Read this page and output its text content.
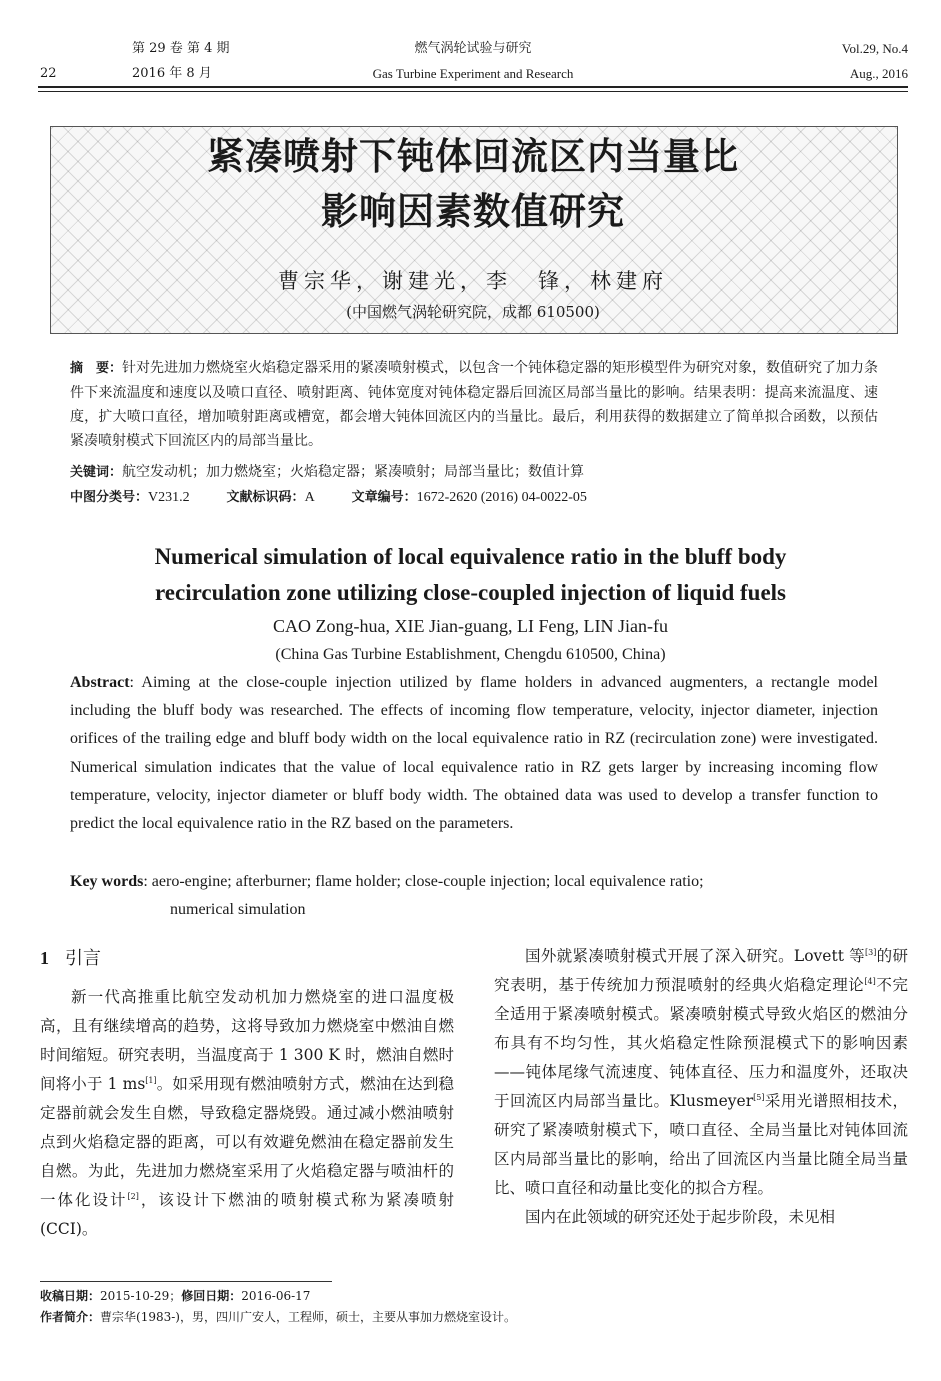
22
第 29 卷 第 4 期
2016 年 8 月
燃气涡轮试验与研究
Gas Turbine Experiment and Research
Vol.29, No.4
Aug., 2016
紧凑喷射下钝体回流区内当量比
影响因素数值研究
曹宗华，谢建光，李　锋，林建府
(中国燃气涡轮研究院，成都 610500)
摘　要：针对先进加力燃烧室火焰稳定器采用的紧凑喷射模式，以包含一个钝体稳定器的矩形模型件为研究对象，数值研究了加力条件下来流温度和速度以及喷口直径、喷射距离、钝体宽度对钝体稳定器后回流区局部当量比的影响。结果表明：提高来流温度、速度，扩大喷口直径，增加喷射距离或槽宽，都会增大钝体回流区内的当量比。最后，利用获得的数据建立了简单拟合函数，以预估紧凑喷射模式下回流区内的局部当量比。
关键词：航空发动机；加力燃烧室；火焰稳定器；紧凑喷射；局部当量比；数值计算
中图分类号：V231.2	文献标识码：A	文章编号：1672-2620 (2016) 04-0022-05
Numerical simulation of local equivalence ratio in the bluff body
recirculation zone utilizing close-coupled injection of liquid fuels
CAO Zong-hua, XIE Jian-guang, LI Feng, LIN Jian-fu
(China Gas Turbine Establishment, Chengdu 610500, China)
Abstract: Aiming at the close-couple injection utilized by flame holders in advanced augmenters, a rectangle model including the bluff body was researched. The effects of incoming flow temperature, velocity, injector diameter, injection orifices of the trailing edge and bluff body width on the local equivalence ratio in RZ (recirculation zone) were investigated. Numerical simulation indicates that the value of local equivalence ratio in RZ gets larger by increasing incoming flow temperature, velocity, injector diameter or bluff body width. The obtained data was used to develop a transfer function to predict the local equivalence ratio in the RZ based on the parameters.
Key words: aero-engine; afterburner; flame holder; close-couple injection; local equivalence ratio;
numerical simulation
1 引言

新一代高推重比航空发动机加力燃烧室的进口温度极高，且有继续增高的趋势，这将导致加力燃烧室中燃油自燃时间缩短。研究表明，当温度高于 1 300 K 时，燃油自燃时间将小于 1 ms[1]。如采用现有燃油喷射方式，燃油在达到稳定器前就会发生自燃，导致稳定器烧毁。通过减小燃油喷射点到火焰稳定器的距离，可以有效避免燃油在稳定器前发生自燃。为此，先进加力燃烧室采用了火焰稳定器与喷油杆的一体化设计[2]，该设计下燃油的喷射模式称为紧凑喷射(CCI)。

国外就紧凑喷射模式开展了深入研究。Lovett 等[3]的研究表明，基于传统加力预混喷射的经典火焰稳定理论[4]不完全适用于紧凑喷射模式。紧凑喷射模式导致火焰区的燃油分布具有不均匀性，其火焰稳定性除预混模式下的影响因素——钝体尾缘气流速度、钝体直径、压力和温度外，还取决于回流区内局部当量比。Klusmeyer[5]采用光谱照相技术，研究了紧凑喷射模式下，喷口直径、全局当量比对钝体回流区内局部当量比的影响，给出了回流区内当量比随全局当量比、喷口直径和动量比变化的拟合方程。

国内在此领域的研究还处于起步阶段，未见相

收稿日期：2015-10-29；修回日期：2016-06-17
作者简介：曹宗华(1983-)，男，四川广安人，工程师，硕士，主要从事加力燃烧室设计。
